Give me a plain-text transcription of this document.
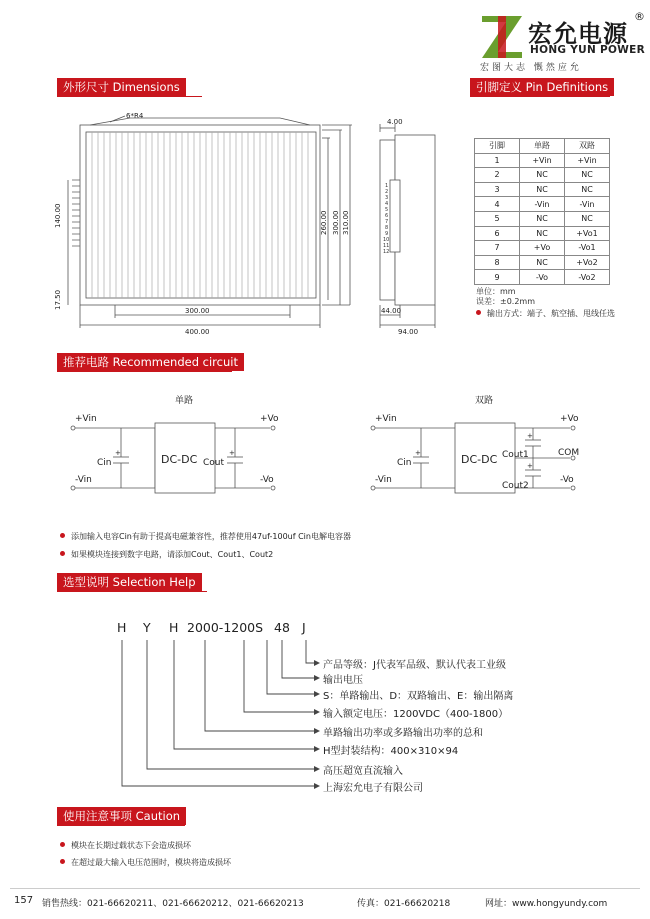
宏允电源
®
HONG YUN POWER
宏图大志 慨然应允
外形尺寸 Dimensions	引脚定义 Pin Definitions
6*R4
140.00
17.50
300.00
400.00
260.00 300.00 310.00
4.00
44.00
94.00
1
2
3
4
5
6
7
8
9
10
11
12
引脚	单路	双路
1	+Vin	+Vin
2	NC	NC
3	NC	NC
4	-Vin	-Vin
5	NC	NC
6	NC	+Vo1
7	+Vo	-Vo1
8	NC	+Vo2
9	-Vo	-Vo2
单位：mm
误差：±0.2mm
输出方式：端子、航空插、甩线任选
推荐电路 Recommended circuit
单路	双路
+Vin
-Vin
+Vo
-Vo
Cin
+
Cout
+
DC-DC
+Vin
-Vin
+Vo
-Vo
COM
Cin
+	Cout1
+
Cout2
+
DC-DC
添加输入电容Cin有助于提高电磁兼容性，推荐使用47uf-100uf Cin电解电容器
如果模块连接到数字电路，请添加Cout、Cout1、Cout2
选型说明 Selection Help
H Y H 2000-1200S 48 J
产品等级：J代表军品级、默认代表工业级
输出电压
S：单路输出、D：双路输出、E：输出隔离
输入额定电压：1200VDC（400-1800）
单路输出功率或多路输出功率的总和
H型封装结构：400×310×94
高压超宽直流输入
上海宏允电子有限公司
使用注意事项 Caution
模块在长期过载状态下会造成损坏
在超过最大输入电压范围时，模块将造成损坏
157 销售热线：021-66620211、021-66620212、021-66620213	传真：021-66620218	网址：www.hongyundy.com
